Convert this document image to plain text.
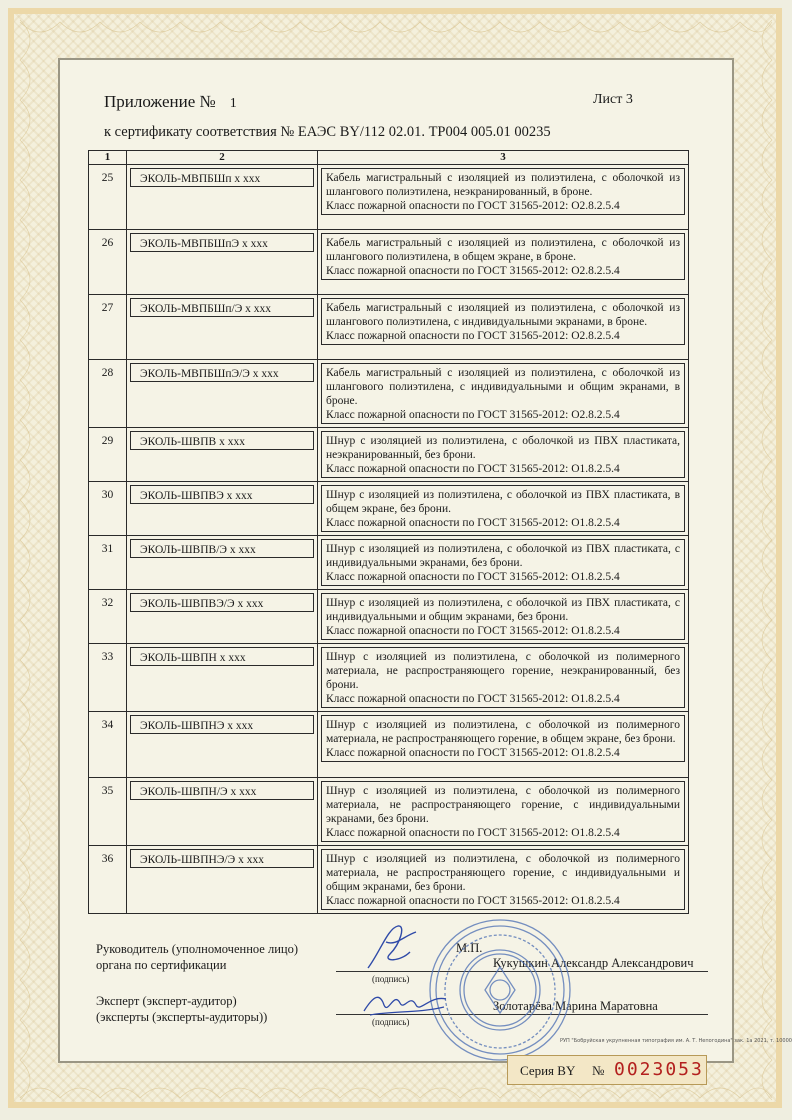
Приложение № 1	Лист 3
к сертификату соответствия № ЕАЭС BY/112 02.01. ТР004 005.01 00235
1	2	3
25	ЭКОЛЬ-МВПБШп х ххх	Кабель магистральный с изоляцией из полиэтилена, с оболочкой из шлангового полиэтилена, неэкранированный, в броне.
Класс пожарной опасности по ГОСТ 31565-2012: О2.8.2.5.4

26	ЭКОЛЬ-МВПБШпЭ х ххх	Кабель магистральный с изоляцией из полиэтилена, с оболочкой из шлангового полиэтилена, в общем экране, в броне.
Класс пожарной опасности по ГОСТ 31565-2012: О2.8.2.5.4

27	ЭКОЛЬ-МВПБШп/Э х ххх	Кабель магистральный с изоляцией из полиэтилена, с оболочкой из шлангового полиэтилена, с индивидуальными экранами, в броне.
Класс пожарной опасности по ГОСТ 31565-2012: О2.8.2.5.4

28	ЭКОЛЬ-МВПБШпЭ/Э х ххх	Кабель магистральный с изоляцией из полиэтилена, с оболочкой из шлангового полиэтилена, с индивидуальными и общим экранами, в броне.
Класс пожарной опасности по ГОСТ 31565-2012: О2.8.2.5.4

29	ЭКОЛЬ-ШВПВ х ххх	Шнур с изоляцией из полиэтилена, с оболочкой из ПВХ пластиката, неэкранированный, без брони.
Класс пожарной опасности по ГОСТ 31565-2012: О1.8.2.5.4

30	ЭКОЛЬ-ШВПВЭ х ххх	Шнур с изоляцией из полиэтилена, с оболочкой из ПВХ пластиката, в общем экране, без брони.
Класс пожарной опасности по ГОСТ 31565-2012: О1.8.2.5.4

31	ЭКОЛЬ-ШВПВ/Э х ххх	Шнур с изоляцией из полиэтилена, с оболочкой из ПВХ пластиката, с индивидуальными экранами, без брони.
Класс пожарной опасности по ГОСТ 31565-2012: О1.8.2.5.4

32	ЭКОЛЬ-ШВПВЭ/Э х ххх	Шнур с изоляцией из полиэтилена, с оболочкой из ПВХ пластиката, с индивидуальными и общим экранами, без брони.
Класс пожарной опасности по ГОСТ 31565-2012: О1.8.2.5.4

33	ЭКОЛЬ-ШВПН х ххх	Шнур с изоляцией из полиэтилена, с оболочкой из полимерного материала, не распространяющего горение, неэкранированный, без брони.
Класс пожарной опасности по ГОСТ 31565-2012: О1.8.2.5.4

34	ЭКОЛЬ-ШВПНЭ х ххх	Шнур с изоляцией из полиэтилена, с оболочкой из полимерного материала, не распространяющего горение, в общем экране, без брони.
Класс пожарной опасности по ГОСТ 31565-2012: О1.8.2.5.4

35	ЭКОЛЬ-ШВПН/Э х ххх	Шнур с изоляцией из полиэтилена, с оболочкой из полимерного материала, не распространяющего горение, с индивидуальными экранами, без брони.
Класс пожарной опасности по ГОСТ 31565-2012: О1.8.2.5.4

36	ЭКОЛЬ-ШВПНЭ/Э х ххх	Шнур с изоляцией из полиэтилена, с оболочкой из полимерного материала, не распространяющего горение, с индивидуальными и общим экранами, без брони.
Класс пожарной опасности по ГОСТ 31565-2012: О1.8.2.5.4
Руководитель (уполномоченное лицо)
органа по сертификации
М.П.
(подпись)
Кукушкин Александр Александрович
Эксперт (эксперт-аудитор)
(эксперты (эксперты-аудиторы))	(подпись)
Золотарёва Марина Маратовна
РУП "Бобруйская укрупненная типография им. А. Т. Непогодина" зак. 1а 2021, т. 10000
Серия BY № 0023053
